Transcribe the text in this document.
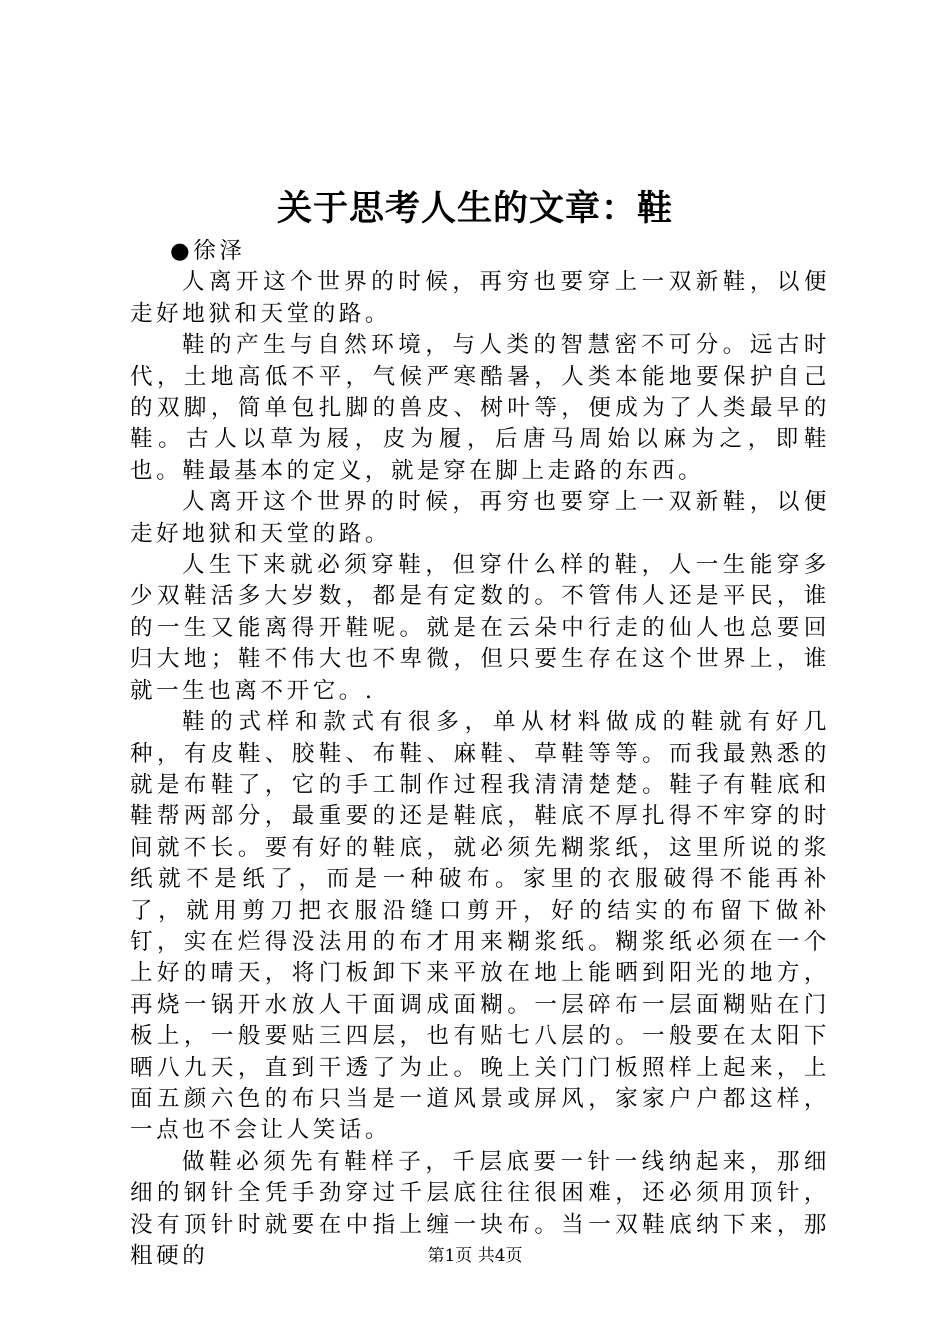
关于思考人生的文章：鞋

●徐泽

人离开这个世界的时候，再穷也要穿上一双新鞋，以便走好地狱和天堂的路。

鞋的产生与自然环境，与人类的智慧密不可分。远古时代，土地高低不平，气候严寒酷暑，人类本能地要保护自己的双脚，简单包扎脚的兽皮、树叶等，便成为了人类最早的鞋。古人以草为屐，皮为履，后唐马周始以麻为之，即鞋也。鞋最基本的定义，就是穿在脚上走路的东西。

人离开这个世界的时候，再穷也要穿上一双新鞋，以便走好地狱和天堂的路。

人生下来就必须穿鞋，但穿什么样的鞋，人一生能穿多少双鞋活多大岁数，都是有定数的。不管伟人还是平民，谁的一生又能离得开鞋呢。就是在云朵中行走的仙人也总要回归大地；鞋不伟大也不卑微，但只要生存在这个世界上，谁就一生也离不开它。.

鞋的式样和款式有很多，单从材料做成的鞋就有好几种，有皮鞋、胶鞋、布鞋、麻鞋、草鞋等等。而我最熟悉的就是布鞋了，它的手工制作过程我清清楚楚。鞋子有鞋底和鞋帮两部分，最重要的还是鞋底，鞋底不厚扎得不牢穿的时间就不长。要有好的鞋底，就必须先糊浆纸，这里所说的浆纸就不是纸了，而是一种破布。家里的衣服破得不能再补了，就用剪刀把衣服沿缝口剪开，好的结实的布留下做补钉，实在烂得没法用的布才用来糊浆纸。糊浆纸必须在一个上好的晴天，将门板卸下来平放在地上能晒到阳光的地方，再烧一锅开水放人干面调成面糊。一层碎布一层面糊贴在门板上，一般要贴三四层，也有贴七八层的。一般要在太阳下晒八九天，直到干透了为止。晚上关门门板照样上起来，上面五颜六色的布只当是一道风景或屏风，家家户户都这样，一点也不会让人笑话。

做鞋必须先有鞋样子，千层底要一针一线纳起来，那细细的钢针全凭手劲穿过千层底往往很困难，还必须用顶针，没有顶针时就要在中指上缠一块布。当一双鞋底纳下来，那粗硬的	第1页 共4页
